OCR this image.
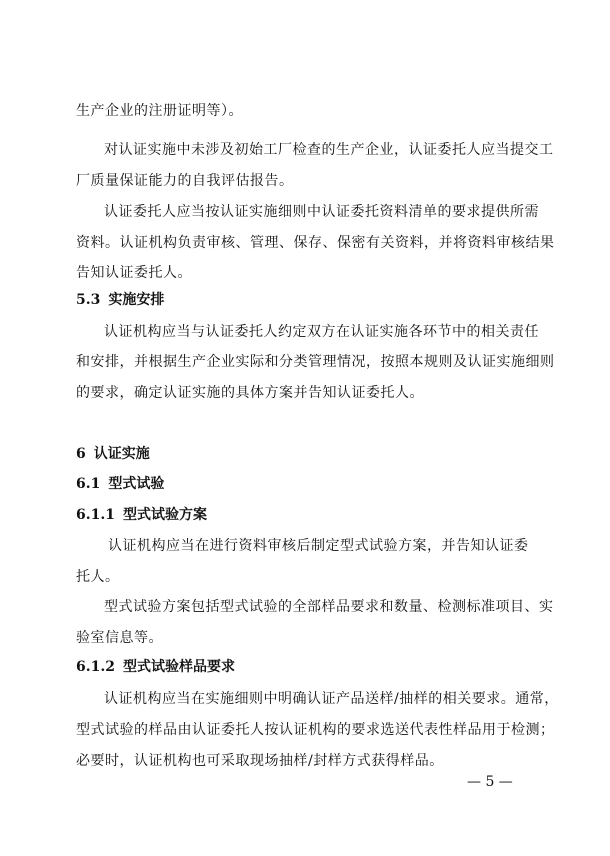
生产企业的注册证明等）。
对认证实施中未涉及初始工厂检查的生产企业，认证委托人应当提交工
厂质量保证能力的自我评估报告。
认证委托人应当按认证实施细则中认证委托资料清单的要求提供所需
资料。认证机构负责审核、管理、保存、保密有关资料，并将资料审核结果
告知认证委托人。
5.3 实施安排
认证机构应当与认证委托人约定双方在认证实施各环节中的相关责任
和安排，并根据生产企业实际和分类管理情况，按照本规则及认证实施细则
的要求，确定认证实施的具体方案并告知认证委托人。
6 认证实施
6.1 型式试验
6.1.1 型式试验方案
认证机构应当在进行资料审核后制定型式试验方案，并告知认证委
托人。
型式试验方案包括型式试验的全部样品要求和数量、检测标准项目、实
验室信息等。
6.1.2 型式试验样品要求
认证机构应当在实施细则中明确认证产品送样/抽样的相关要求。通常，
型式试验的样品由认证委托人按认证机构的要求选送代表性样品用于检测；
必要时，认证机构也可采取现场抽样/封样方式获得样品。
— 5 —
